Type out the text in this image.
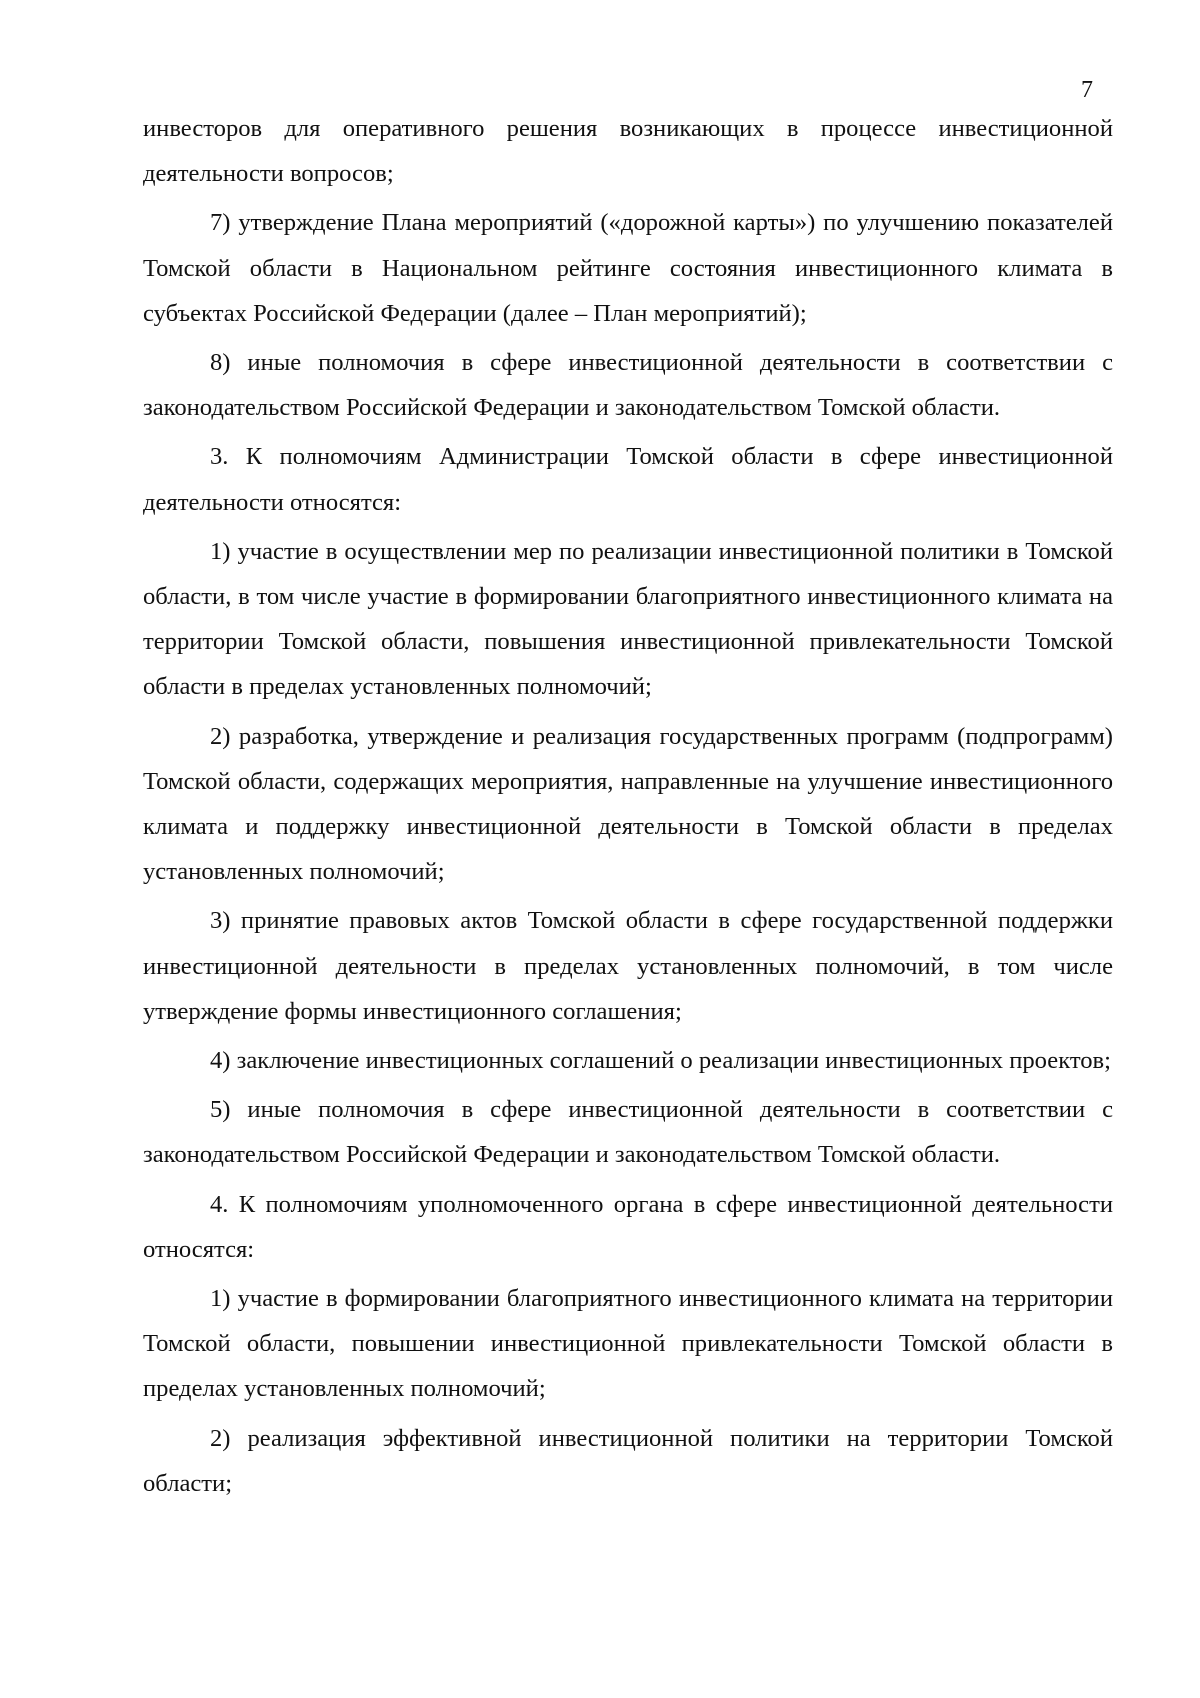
7

инвесторов для оперативного решения возникающих в процессе инвестиционной деятельности вопросов;

7) утверждение Плана мероприятий («дорожной карты») по улучшению показателей Томской области в Национальном рейтинге состояния инвестиционного климата в субъектах Российской Федерации (далее – План мероприятий);

8) иные полномочия в сфере инвестиционной деятельности в соответствии с законодательством Российской Федерации и законодательством Томской области.

3. К полномочиям Администрации Томской области в сфере инвестиционной деятельности относятся:

1) участие в осуществлении мер по реализации инвестиционной политики в Томской области, в том числе участие в формировании благоприятного инвестиционного климата на территории Томской области, повышения инвестиционной привлекательности Томской области в пределах установленных полномочий;

2) разработка, утверждение и реализация государственных программ (подпрограмм) Томской области, содержащих мероприятия, направленные на улучшение инвестиционного климата и поддержку инвестиционной деятельности в Томской области в пределах установленных полномочий;

3) принятие правовых актов Томской области в сфере государственной поддержки инвестиционной деятельности в пределах установленных полномочий, в том числе утверждение формы инвестиционного соглашения;

4) заключение инвестиционных соглашений о реализации инвестиционных проектов;

5) иные полномочия в сфере инвестиционной деятельности в соответствии с законодательством Российской Федерации и законодательством Томской области.

4. К полномочиям уполномоченного органа в сфере инвестиционной деятельности относятся:

1) участие в формировании благоприятного инвестиционного климата на территории Томской области, повышении инвестиционной привлекательности Томской области в пределах установленных полномочий;

2) реализация эффективной инвестиционной политики на территории Томской области;
